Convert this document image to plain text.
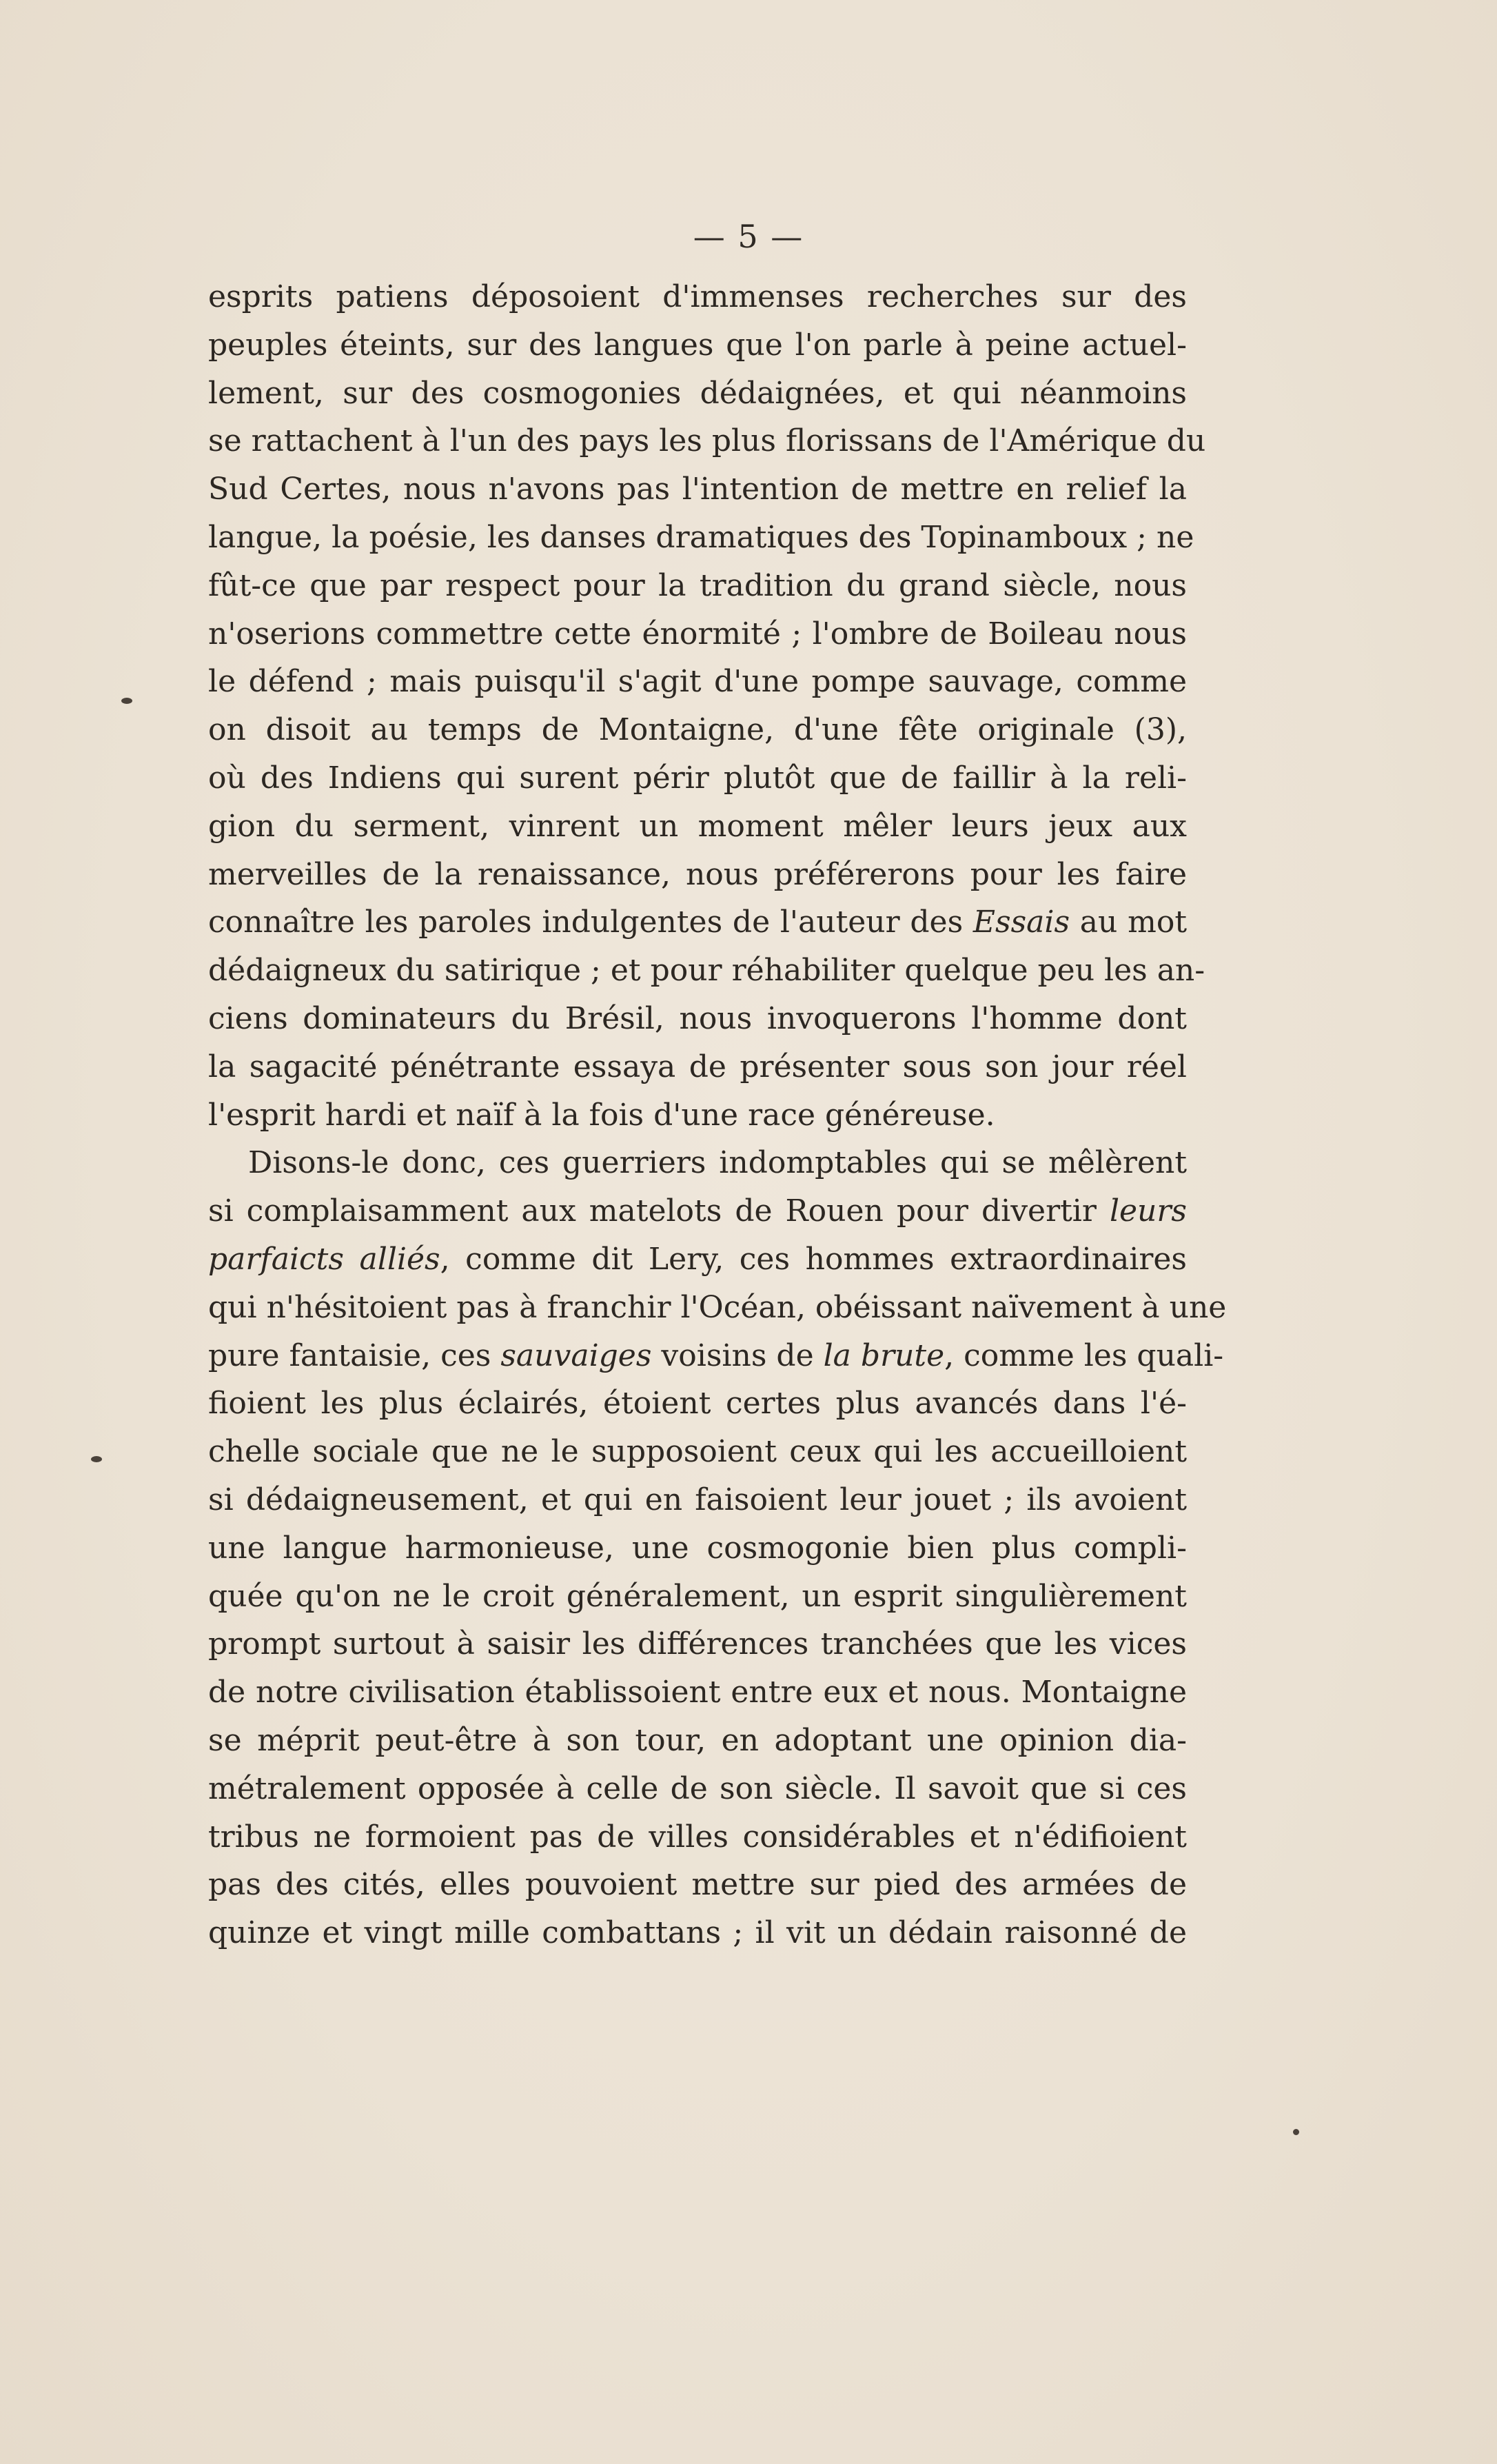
— 5 —
esprits patiens déposoient d'immenses recherches sur des
peuples éteints, sur des langues que l'on parle à peine actuel-
lement, sur des cosmogonies dédaignées, et qui néanmoins
se rattachent à l'un des pays les plus florissans de l'Amérique du
Sud Certes, nous n'avons pas l'intention de mettre en relief la
langue, la poésie, les danses dramatiques des Topinamboux ; ne
fût-ce que par respect pour la tradition du grand siècle, nous
n'oserions commettre cette énormité ; l'ombre de Boileau nous
le défend ; mais puisqu'il s'agit d'une pompe sauvage, comme
on disoit au temps de Montaigne, d'une fête originale (3),
où des Indiens qui surent périr plutôt que de faillir à la reli-
gion du serment, vinrent un moment mêler leurs jeux aux
merveilles de la renaissance, nous préférerons pour les faire
connaître les paroles indulgentes de l'auteur des Essais au mot
dédaigneux du satirique ; et pour réhabiliter quelque peu les an-
ciens dominateurs du Brésil, nous invoquerons l'homme dont
la sagacité pénétrante essaya de présenter sous son jour réel
l'esprit hardi et naïf à la fois d'une race généreuse.
Disons-le donc, ces guerriers indomptables qui se mêlèrent
si complaisamment aux matelots de Rouen pour divertir leurs
parfaicts alliés, comme dit Lery, ces hommes extraordinaires
qui n'hésitoient pas à franchir l'Océan, obéissant naïvement à une
pure fantaisie, ces sauvaiges voisins de la brute, comme les quali-
fioient les plus éclairés, étoient certes plus avancés dans l'é-
chelle sociale que ne le supposoient ceux qui les accueilloient
si dédaigneusement, et qui en faisoient leur jouet ; ils avoient
une langue harmonieuse, une cosmogonie bien plus compli-
quée qu'on ne le croit généralement, un esprit singulièrement
prompt surtout à saisir les différences tranchées que les vices
de notre civilisation établissoient entre eux et nous. Montaigne
se méprit peut-être à son tour, en adoptant une opinion dia-
métralement opposée à celle de son siècle. Il savoit que si ces
tribus ne formoient pas de villes considérables et n'édifioient
pas des cités, elles pouvoient mettre sur pied des armées de
quinze et vingt mille combattans ; il vit un dédain raisonné de
